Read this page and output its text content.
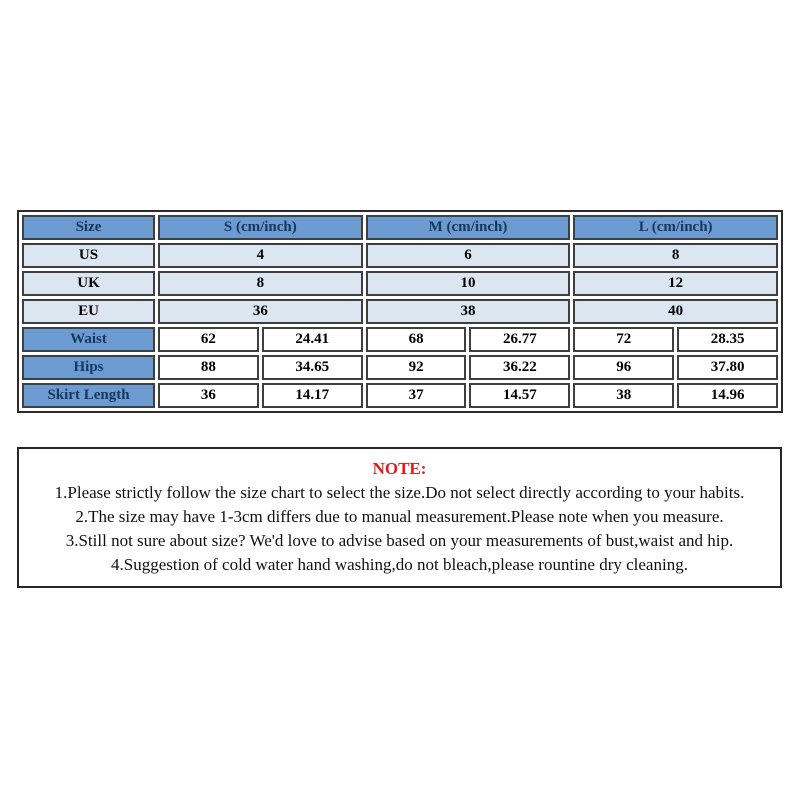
Size	S (cm/inch)		M (cm/inch)		L (cm/inch)	
US	4		6		8	
UK	8		10		12	
EU	36		38		40	
Waist	62	24.41	68	26.77	72	28.35
Hips	88	34.65	92	36.22	96	37.80
Skirt Length	36	14.17	37	14.57	38	14.96
NOTE:
1.Please strictly follow the size chart to select the size.Do not select directly according to your habits.
2.The size may have 1-3cm differs due to manual measurement.Please note when you measure.
3.Still not sure about size? We'd love to advise based on your measurements of bust,waist and hip.
4.Suggestion of cold water hand washing,do not bleach,please rountine dry cleaning.
